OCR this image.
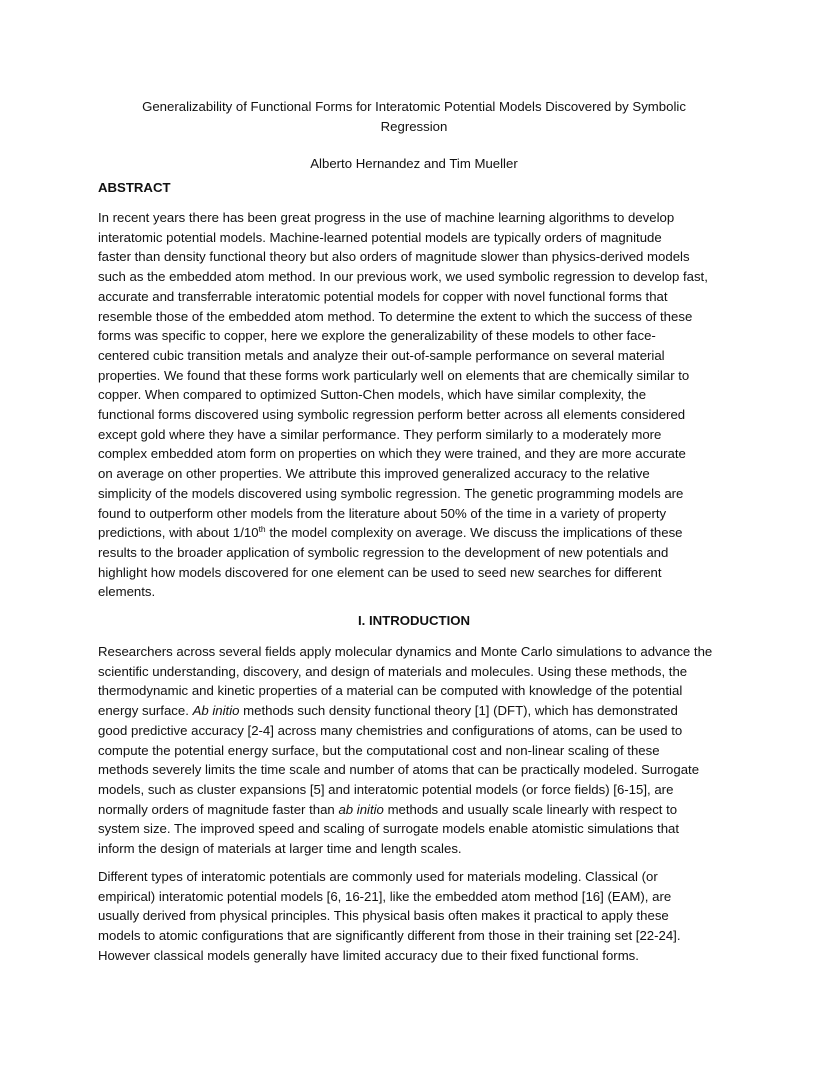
Generalizability of Functional Forms for Interatomic Potential Models Discovered by Symbolic
Regression

Alberto Hernandez and Tim Mueller

ABSTRACT

In recent years there has been great progress in the use of machine learning algorithms to develop
interatomic potential models. Machine-learned potential models are typically orders of magnitude
faster than density functional theory but also orders of magnitude slower than physics-derived models
such as the embedded atom method. In our previous work, we used symbolic regression to develop fast,
accurate and transferrable interatomic potential models for copper with novel functional forms that
resemble those of the embedded atom method. To determine the extent to which the success of these
forms was specific to copper, here we explore the generalizability of these models to other face-
centered cubic transition metals and analyze their out-of-sample performance on several material
properties. We found that these forms work particularly well on elements that are chemically similar to
copper. When compared to optimized Sutton-Chen models, which have similar complexity, the
functional forms discovered using symbolic regression perform better across all elements considered
except gold where they have a similar performance. They perform similarly to a moderately more
complex embedded atom form on properties on which they were trained, and they are more accurate
on average on other properties. We attribute this improved generalized accuracy to the relative
simplicity of the models discovered using symbolic regression. The genetic programming models are
found to outperform other models from the literature about 50% of the time in a variety of property
predictions, with about 1/10th the model complexity on average. We discuss the implications of these
results to the broader application of symbolic regression to the development of new potentials and
highlight how models discovered for one element can be used to seed new searches for different
elements.

I. INTRODUCTION

Researchers across several fields apply molecular dynamics and Monte Carlo simulations to advance the
scientific understanding, discovery, and design of materials and molecules. Using these methods, the
thermodynamic and kinetic properties of a material can be computed with knowledge of the potential
energy surface. Ab initio methods such density functional theory [1] (DFT), which has demonstrated
good predictive accuracy [2-4] across many chemistries and configurations of atoms, can be used to
compute the potential energy surface, but the computational cost and non-linear scaling of these
methods severely limits the time scale and number of atoms that can be practically modeled. Surrogate
models, such as cluster expansions [5] and interatomic potential models (or force fields) [6-15], are
normally orders of magnitude faster than ab initio methods and usually scale linearly with respect to
system size. The improved speed and scaling of surrogate models enable atomistic simulations that
inform the design of materials at larger time and length scales.

Different types of interatomic potentials are commonly used for materials modeling. Classical (or
empirical) interatomic potential models [6, 16-21], like the embedded atom method [16] (EAM), are
usually derived from physical principles. This physical basis often makes it practical to apply these
models to atomic configurations that are significantly different from those in their training set [22-24].
However classical models generally have limited accuracy due to their fixed functional forms.
